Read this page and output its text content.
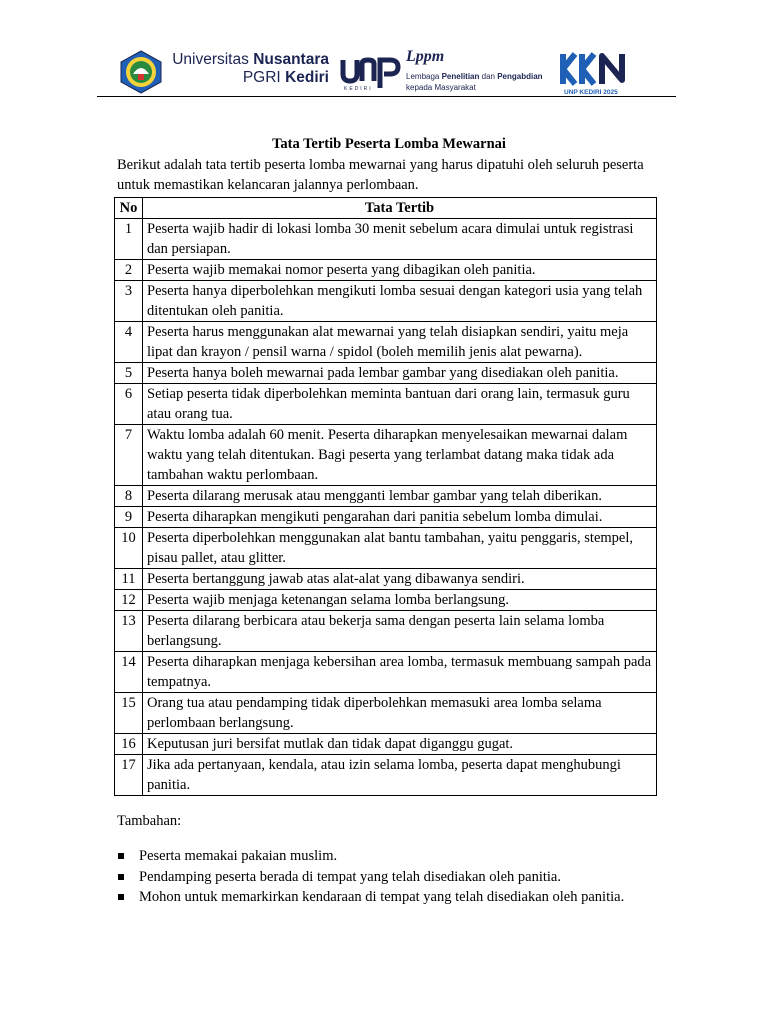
Universitas Nusantara
PGRI Kediri
KEDIRI
Lppm
Lembaga Penelitian dan Pengabdian
kepada Masyarakat
UNP KEDIRI 2025
Tata Tertib Peserta Lomba Mewarnai
Berikut adalah tata tertib peserta lomba mewarnai yang harus dipatuhi oleh seluruh peserta untuk memastikan kelancaran jalannya perlombaan.
No	Tata Tertib
1	Peserta wajib hadir di lokasi lomba 30 menit sebelum acara dimulai untuk registrasi dan persiapan.
2	Peserta wajib memakai nomor peserta yang dibagikan oleh panitia.
3	Peserta hanya diperbolehkan mengikuti lomba sesuai dengan kategori usia yang telah ditentukan oleh panitia.
4	Peserta harus menggunakan alat mewarnai yang telah disiapkan sendiri, yaitu meja lipat dan krayon / pensil warna / spidol (boleh memilih jenis alat pewarna).
5	Peserta hanya boleh mewarnai pada lembar gambar yang disediakan oleh panitia.
6	Setiap peserta tidak diperbolehkan meminta bantuan dari orang lain, termasuk guru atau orang tua.
7	Waktu lomba adalah 60 menit. Peserta diharapkan menyelesaikan mewarnai dalam waktu yang telah ditentukan. Bagi peserta yang terlambat datang maka tidak ada tambahan waktu perlombaan.
8	Peserta dilarang merusak atau mengganti lembar gambar yang telah diberikan.
9	Peserta diharapkan mengikuti pengarahan dari panitia sebelum lomba dimulai.
10	Peserta diperbolehkan menggunakan alat bantu tambahan, yaitu penggaris, stempel, pisau pallet, atau glitter.
11	Peserta bertanggung jawab atas alat-alat yang dibawanya sendiri.
12	Peserta wajib menjaga ketenangan selama lomba berlangsung.
13	Peserta dilarang berbicara atau bekerja sama dengan peserta lain selama lomba berlangsung.
14	Peserta diharapkan menjaga kebersihan area lomba, termasuk membuang sampah pada tempatnya.
15	Orang tua atau pendamping tidak diperbolehkan memasuki area lomba selama perlombaan berlangsung.
16	Keputusan juri bersifat mutlak dan tidak dapat diganggu gugat.
17	Jika ada pertanyaan, kendala, atau izin selama lomba, peserta dapat menghubungi panitia.
Tambahan:
Peserta memakai pakaian muslim.
Pendamping peserta berada di tempat yang telah disediakan oleh panitia.
Mohon untuk memarkirkan kendaraan di tempat yang telah disediakan oleh panitia.
